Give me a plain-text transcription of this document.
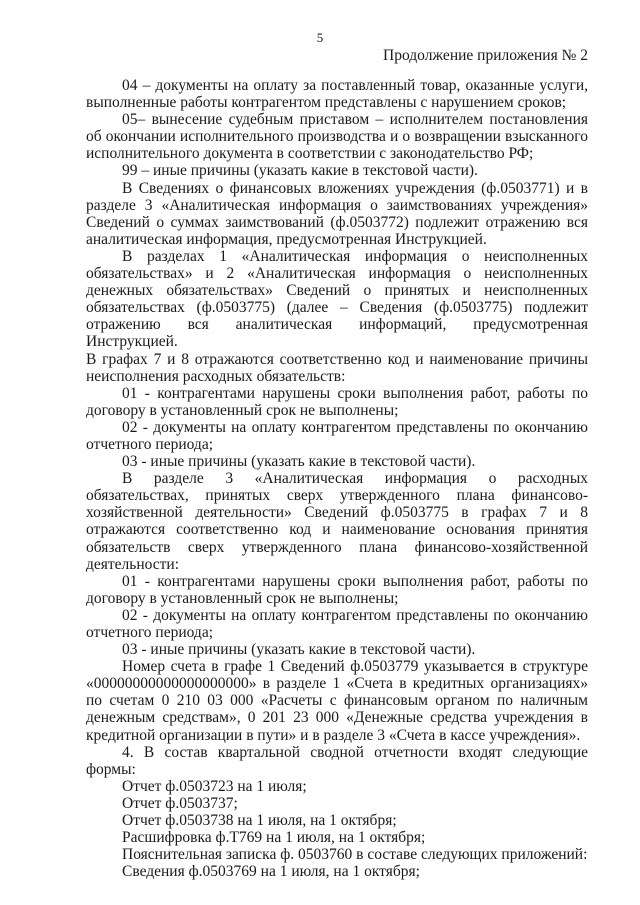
5
Продолжение приложения № 2

04 – документы на оплату за поставленный товар, оказанные услуги, выполненные работы контрагентом представлены с нарушением сроков;

05– вынесение судебным приставом – исполнителем постановления об окончании исполнительного производства и о возвращении взысканного исполнительного документа в соответствии с законодательство РФ;

99 – иные причины (указать какие в текстовой части).

В Сведениях о финансовых вложениях учреждения (ф.0503771) и в разделе 3 «Аналитическая информация о заимствованиях учреждения» Сведений о суммах заимствований (ф.0503772) подлежит отражению вся аналитическая информация, предусмотренная Инструкцией.

В разделах 1 «Аналитическая информация о неисполненных обязательствах» и 2 «Аналитическая информация о неисполненных денежных обязательствах» Сведений о принятых и неисполненных обязательствах (ф.0503775) (далее – Сведения (ф.0503775) подлежит отражению вся аналитическая информаций, предусмотренная Инструкцией.

В графах 7 и 8 отражаются соответственно код и наименование причины неисполнения расходных обязательств:

01 - контрагентами нарушены сроки выполнения работ, работы по договору в установленный срок не выполнены;

02 - документы на оплату контрагентом представлены по окончанию отчетного периода;

03 - иные причины (указать какие в текстовой части).

В разделе 3 «Аналитическая информация о расходных обязательствах, принятых сверх утвержденного плана финансово-хозяйственной деятельности» Сведений ф.0503775 в графах 7 и 8 отражаются соответственно код и наименование основания принятия обязательств сверх утвержденного плана финансово-хозяйственной деятельности:

01 - контрагентами нарушены сроки выполнения работ, работы по договору в установленный срок не выполнены;

02 - документы на оплату контрагентом представлены по окончанию отчетного периода;

03 - иные причины (указать какие в текстовой части).

Номер счета в графе 1 Сведений ф.0503779 указывается в структуре «00000000000000000000» в разделе 1 «Счета в кредитных организациях» по счетам 0 210 03 000 «Расчеты с финансовым органом по наличным денежным средствам», 0 201 23 000 «Денежные средства учреждения в кредитной организации в пути» и в разделе 3 «Счета в кассе учреждения».

4. В состав квартальной сводной отчетности входят следующие формы:

Отчет ф.0503723 на 1 июля;

Отчет ф.0503737;

Отчет ф.0503738 на 1 июля, на 1 октября;

Расшифровка ф.Т769 на 1 июля, на 1 октября;

Пояснительная записка ф. 0503760 в составе следующих приложений:

Сведения ф.0503769 на 1 июля, на 1 октября;
